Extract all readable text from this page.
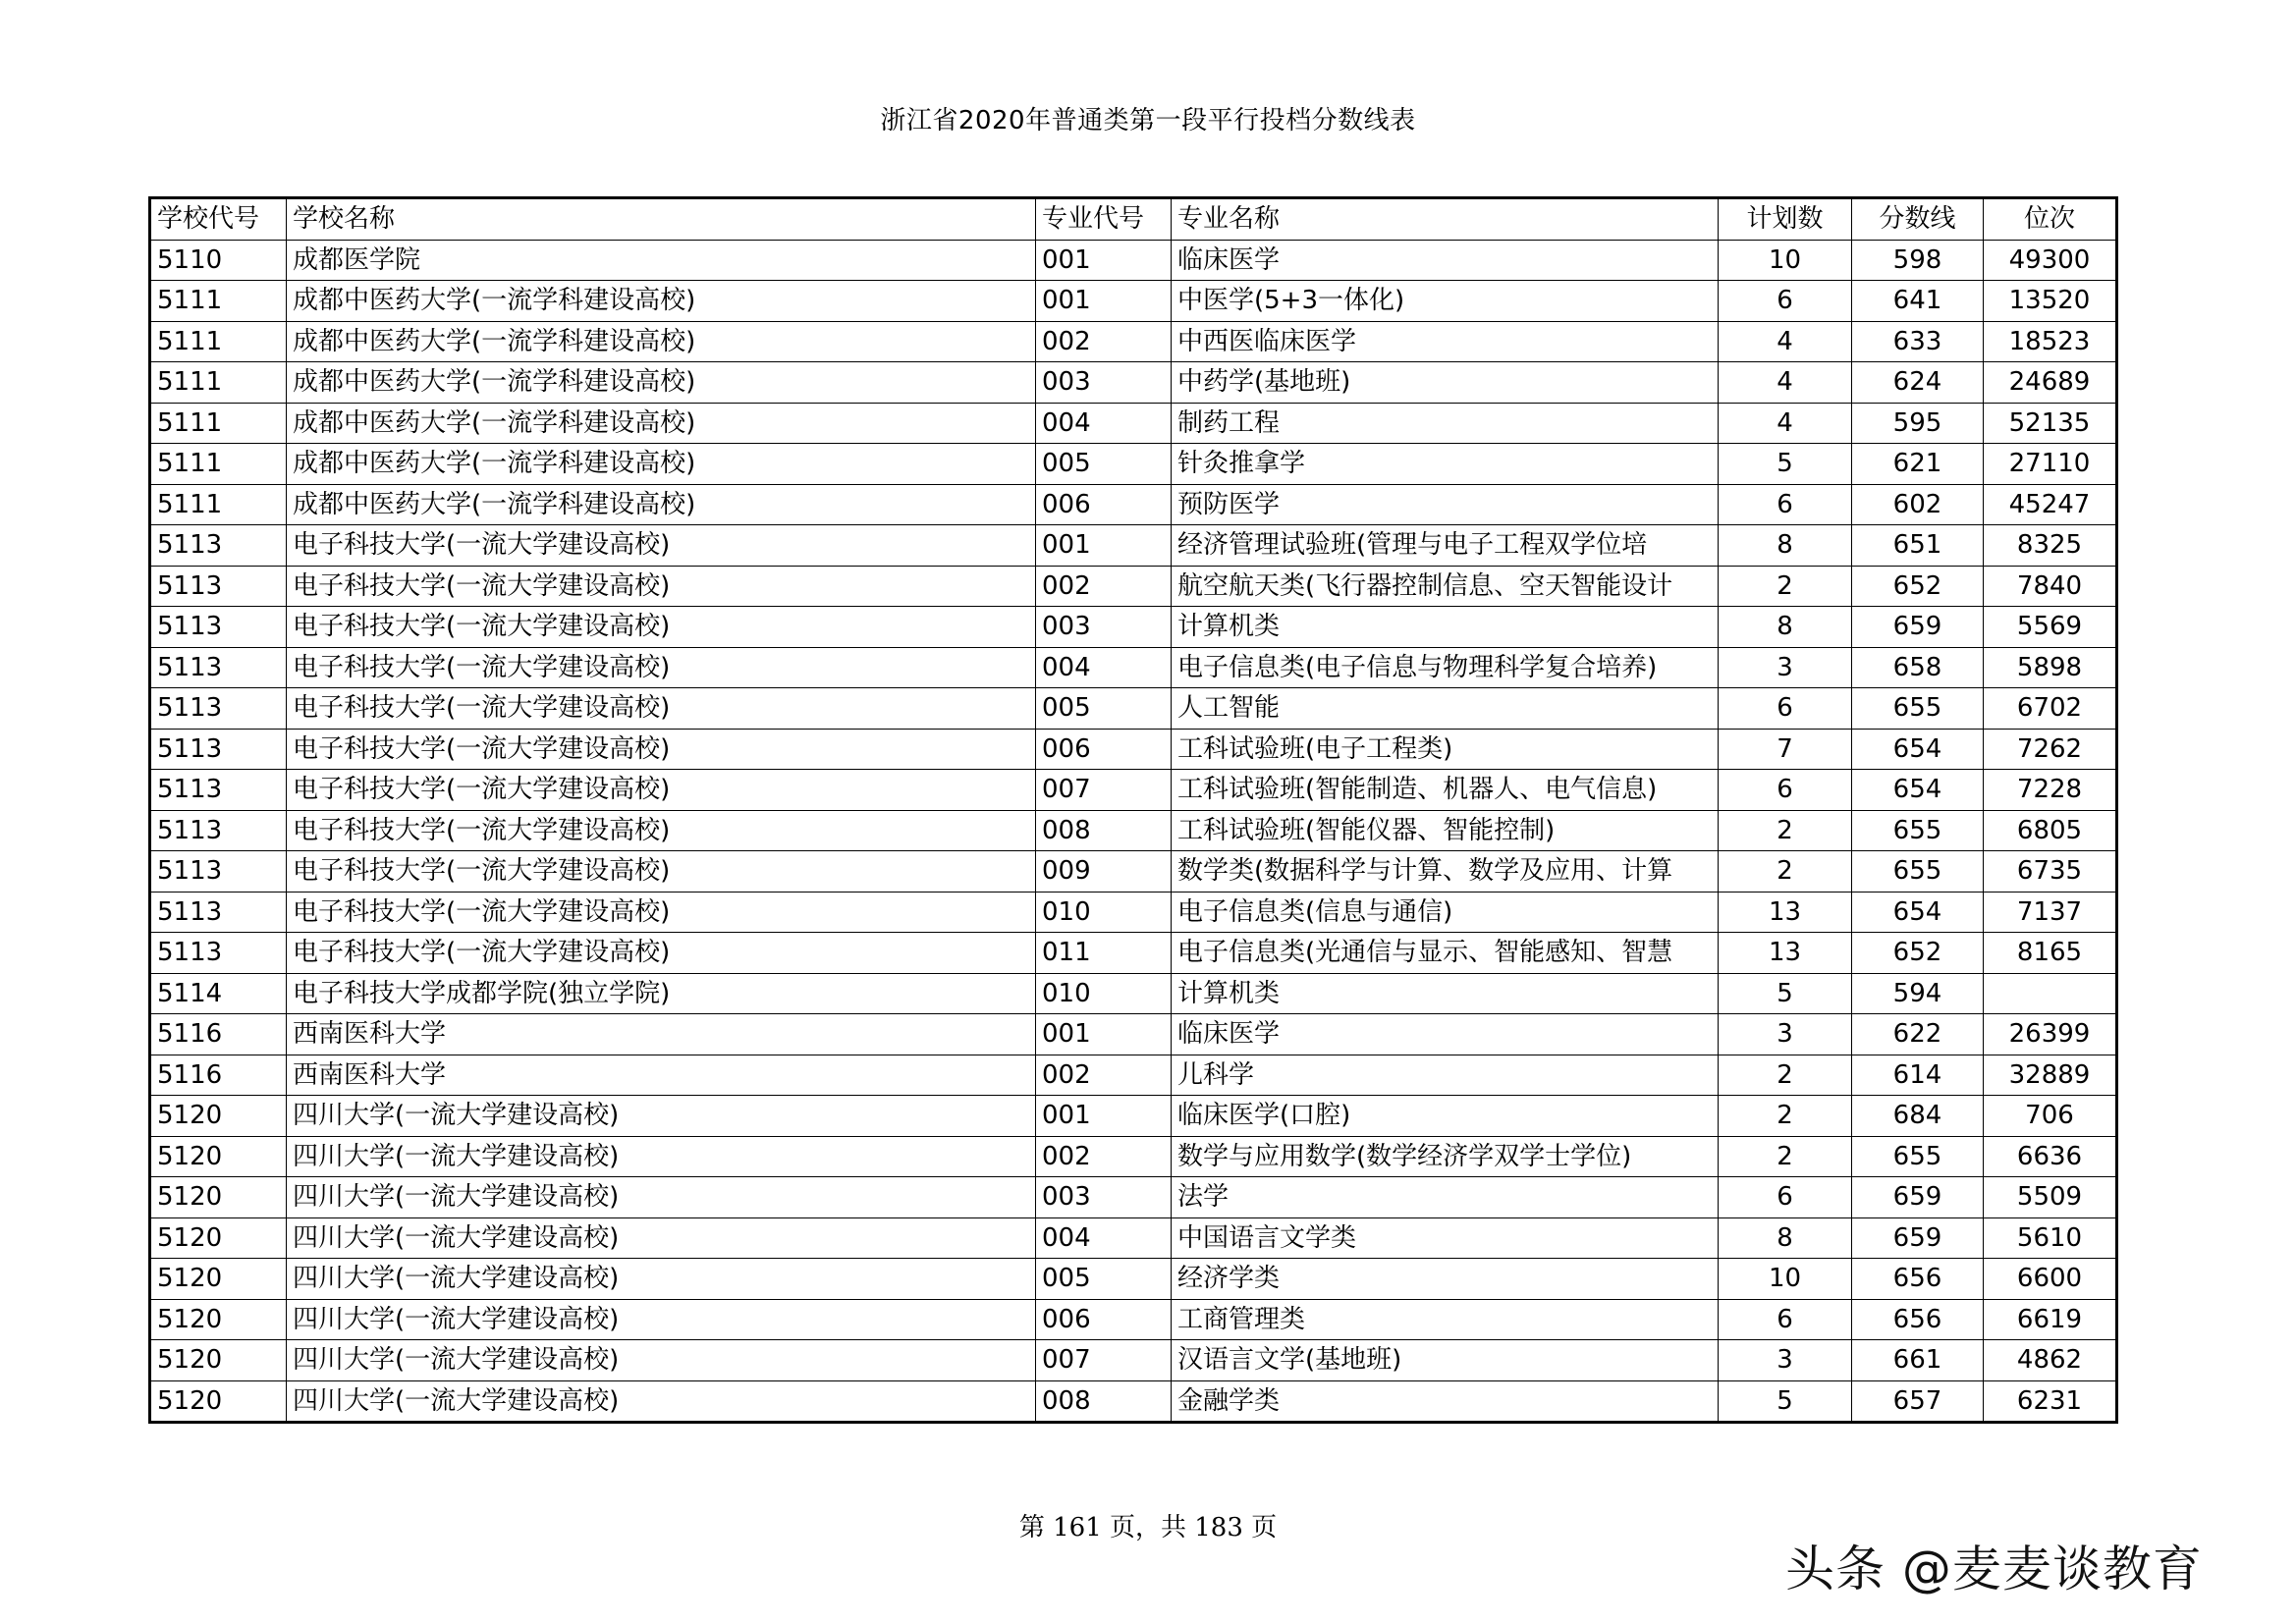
浙江省2020年普通类第一段平行投档分数线表
学校代号	学校名称	专业代号	专业名称	计划数	分数线	位次
5110	成都医学院	001	临床医学	10	598	49300
5111	成都中医药大学(一流学科建设高校)	001	中医学(5+3一体化)	6	641	13520
5111	成都中医药大学(一流学科建设高校)	002	中西医临床医学	4	633	18523
5111	成都中医药大学(一流学科建设高校)	003	中药学(基地班)	4	624	24689
5111	成都中医药大学(一流学科建设高校)	004	制药工程	4	595	52135
5111	成都中医药大学(一流学科建设高校)	005	针灸推拿学	5	621	27110
5111	成都中医药大学(一流学科建设高校)	006	预防医学	6	602	45247
5113	电子科技大学(一流大学建设高校)	001	经济管理试验班(管理与电子工程双学位培	8	651	8325
5113	电子科技大学(一流大学建设高校)	002	航空航天类(飞行器控制信息、空天智能设计	2	652	7840
5113	电子科技大学(一流大学建设高校)	003	计算机类	8	659	5569
5113	电子科技大学(一流大学建设高校)	004	电子信息类(电子信息与物理科学复合培养)	3	658	5898
5113	电子科技大学(一流大学建设高校)	005	人工智能	6	655	6702
5113	电子科技大学(一流大学建设高校)	006	工科试验班(电子工程类)	7	654	7262
5113	电子科技大学(一流大学建设高校)	007	工科试验班(智能制造、机器人、电气信息)	6	654	7228
5113	电子科技大学(一流大学建设高校)	008	工科试验班(智能仪器、智能控制)	2	655	6805
5113	电子科技大学(一流大学建设高校)	009	数学类(数据科学与计算、数学及应用、计算	2	655	6735
5113	电子科技大学(一流大学建设高校)	010	电子信息类(信息与通信)	13	654	7137
5113	电子科技大学(一流大学建设高校)	011	电子信息类(光通信与显示、智能感知、智慧	13	652	8165
5114	电子科技大学成都学院(独立学院)	010	计算机类	5	594	
5116	西南医科大学	001	临床医学	3	622	26399
5116	西南医科大学	002	儿科学	2	614	32889
5120	四川大学(一流大学建设高校)	001	临床医学(口腔)	2	684	706
5120	四川大学(一流大学建设高校)	002	数学与应用数学(数学经济学双学士学位)	2	655	6636
5120	四川大学(一流大学建设高校)	003	法学	6	659	5509
5120	四川大学(一流大学建设高校)	004	中国语言文学类	8	659	5610
5120	四川大学(一流大学建设高校)	005	经济学类	10	656	6600
5120	四川大学(一流大学建设高校)	006	工商管理类	6	656	6619
5120	四川大学(一流大学建设高校)	007	汉语言文学(基地班)	3	661	4862
5120	四川大学(一流大学建设高校)	008	金融学类	5	657	6231
第 161 页，共 183 页
头条 @麦麦谈教育
